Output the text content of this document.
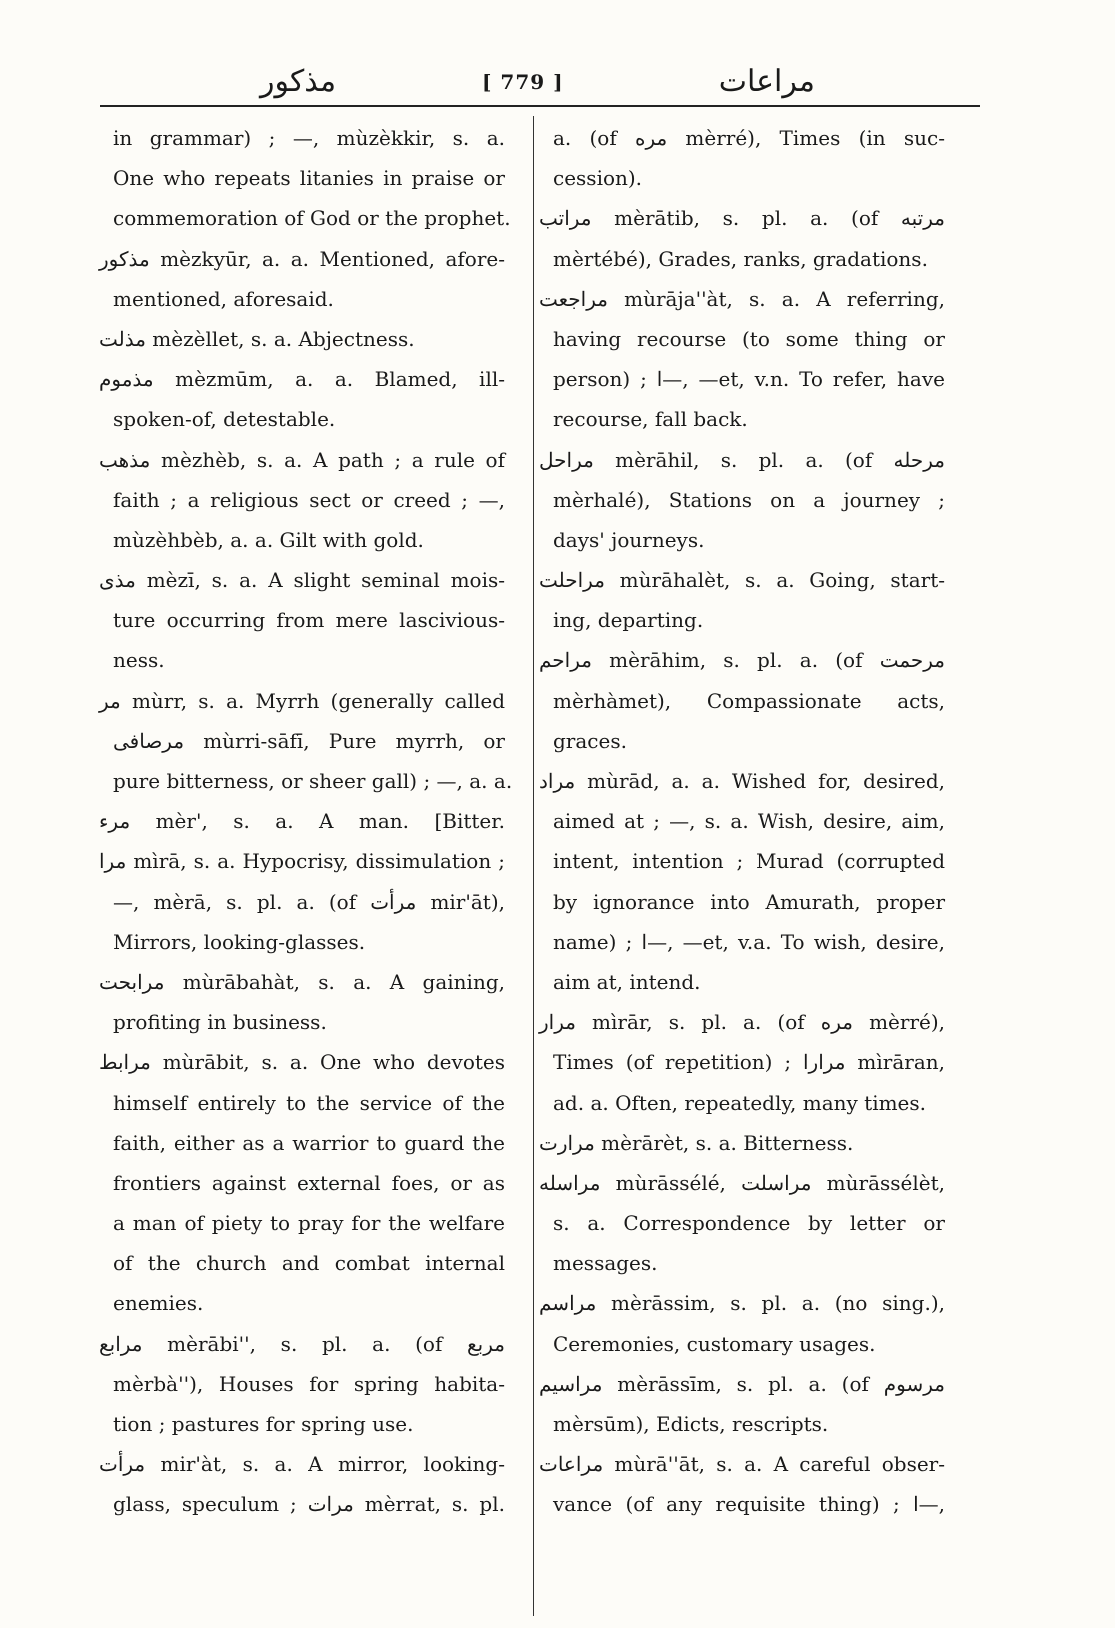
مذكور	[ 779 ]	مراعات
in grammar) ; —, mùzèkkir, s. a.
One who repeats litanies in praise or
commemoration of God or the prophet.
مذكور mèzkyūr, a. a. Mentioned, afore-
mentioned, aforesaid.
مذلت mèzèllet, s. a. Abjectness.
مذموم mèzmūm, a. a. Blamed, ill-
spoken-of, detestable.
مذهب mèzhèb, s. a. A path ; a rule of
faith ; a religious sect or creed ; —,
mùzèhbèb, a. a. Gilt with gold.
مذى mèzī, s. a. A slight seminal mois-
ture occurring from mere lascivious-
ness.
مر mùrr, s. a. Myrrh (generally called
مرصافى mùrri-sāfī, Pure myrrh, or
pure bitterness, or sheer gall) ; —, a. a.
مرء mèr', s. a. A man. [Bitter.
مرا mìrā, s. a. Hypocrisy, dissimulation ;
—, mèrā, s. pl. a. (of مرأت mir'āt),
Mirrors, looking-glasses.
مرابحت mùrābahàt, s. a. A gaining,
profiting in business.
مرابط mùrābit, s. a. One who devotes
himself entirely to the service of the
faith, either as a warrior to guard the
frontiers against external foes, or as
a man of piety to pray for the welfare
of the church and combat internal
enemies.
مرابع mèrābi'', s. pl. a. (of مربع
mèrbà''), Houses for spring habita-
tion ; pastures for spring use.
مرأت mir'àt, s. a. A mirror, looking-
glass, speculum ; مرات mèrrat, s. pl.
a. (of مره mèrré), Times (in suc-
cession).
مراتب mèrātib, s. pl. a. (of مرتبه
mèrtébé), Grades, ranks, gradations.
مراجعت mùrāja''àt, s. a. A referring,
having recourse (to some thing or
person) ; ا—, —et, v.n. To refer, have
recourse, fall back.
مراحل mèrāhil, s. pl. a. (of مرحله
mèrhalé), Stations on a journey ;
days' journeys.
مراحلت mùrāhalèt, s. a. Going, start-
ing, departing.
مراحم mèrāhim, s. pl. a. (of مرحمت
mèrhàmet), Compassionate acts,
graces.
مراد mùrād, a. a. Wished for, desired,
aimed at ; —, s. a. Wish, desire, aim,
intent, intention ; Murad (corrupted
by ignorance into Amurath, proper
name) ; ا—, —et, v.a. To wish, desire,
aim at, intend.
مرار mìrār, s. pl. a. (of مره mèrré),
Times (of repetition) ; مرارا mìrāran,
ad. a. Often, repeatedly, many times.
مرارت mèrārèt, s. a. Bitterness.
مراسله mùrāssélé, مراسلت mùrāssélèt,
s. a. Correspondence by letter or
messages.
مراسم mèrāssim, s. pl. a. (no sing.),
Ceremonies, customary usages.
مراسيم mèrāssīm, s. pl. a. (of مرسوم
mèrsūm), Edicts, rescripts.
مراعات mùrā''āt, s. a. A careful obser-
vance (of any requisite thing) ; ا—,
